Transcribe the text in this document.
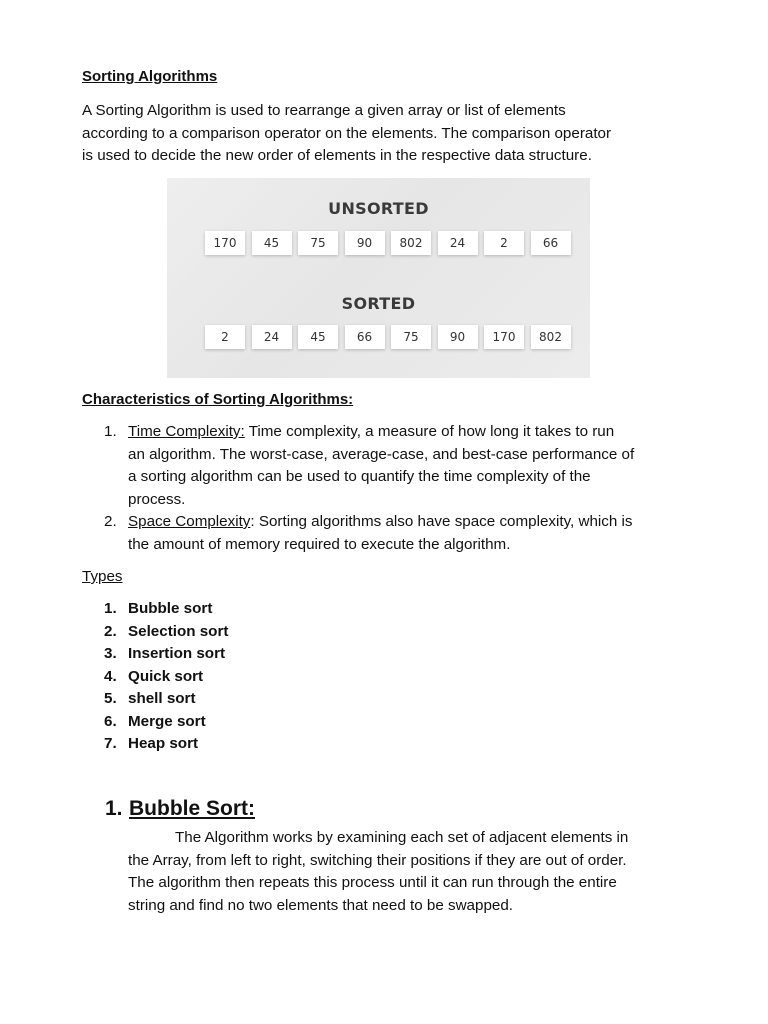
Sorting Algorithms
A Sorting Algorithm is used to rearrange a given array or list of elements
according to a comparison operator on the elements. The comparison operator
is used to decide the new order of elements in the respective data structure.
UNSORTED
170	45	75	90	802	24	2	66
SORTED
2	24	45	66	75	90	170	802
Characteristics of Sorting Algorithms:
1. Time Complexity: Time complexity, a measure of how long it takes to run
an algorithm. The worst-case, average-case, and best-case performance of
a sorting algorithm can be used to quantify the time complexity of the
process.
2. Space Complexity: Sorting algorithms also have space complexity, which is
the amount of memory required to execute the algorithm.
Types
1. Bubble sort
2. Selection sort
3. Insertion sort
4. Quick sort
5. shell sort
6. Merge sort
7. Heap sort
1. Bubble Sort:
The Algorithm works by examining each set of adjacent elements in
the Array, from left to right, switching their positions if they are out of order.
The algorithm then repeats this process until it can run through the entire
string and find no two elements that need to be swapped.
